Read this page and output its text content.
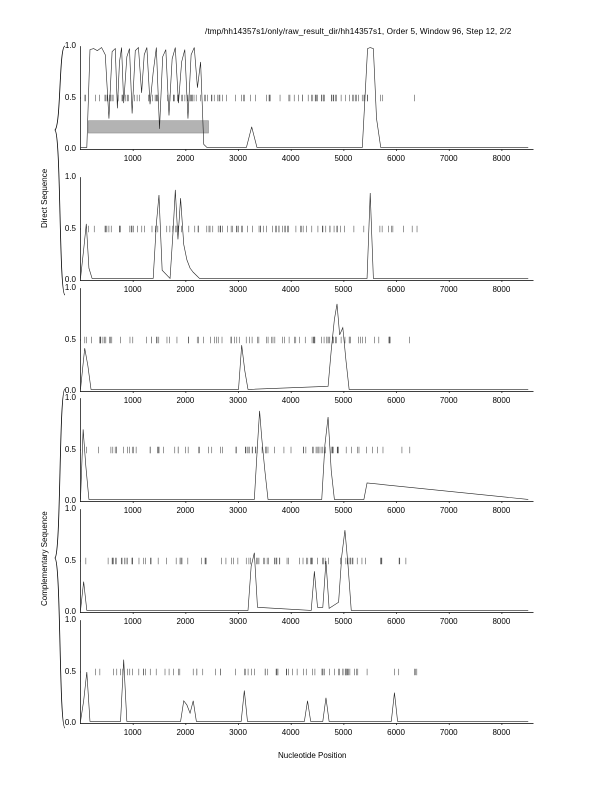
/tmp/hh14357s1/only/raw_result_dir/hh14357s1, Order 5, Window 96, Step 12, 2/2
Direct Sequence
Complementary Sequence
Nucleotide Position
0.0
0.5
1.0
1000	2000	3000	4000	5000	6000	7000	8000
0.0
0.5
1.0
1000	2000	3000	4000	5000	6000	7000	8000
0.0
0.5
1.0
1000	2000	3000	4000	5000	6000	7000	8000
0.0
0.5
1.0
1000	2000	3000	4000	5000	6000	7000	8000
0.0
0.5
1.0
1000	2000	3000	4000	5000	6000	7000	8000
0.0
0.5
1.0
1000	2000	3000	4000	5000	6000	7000	8000
